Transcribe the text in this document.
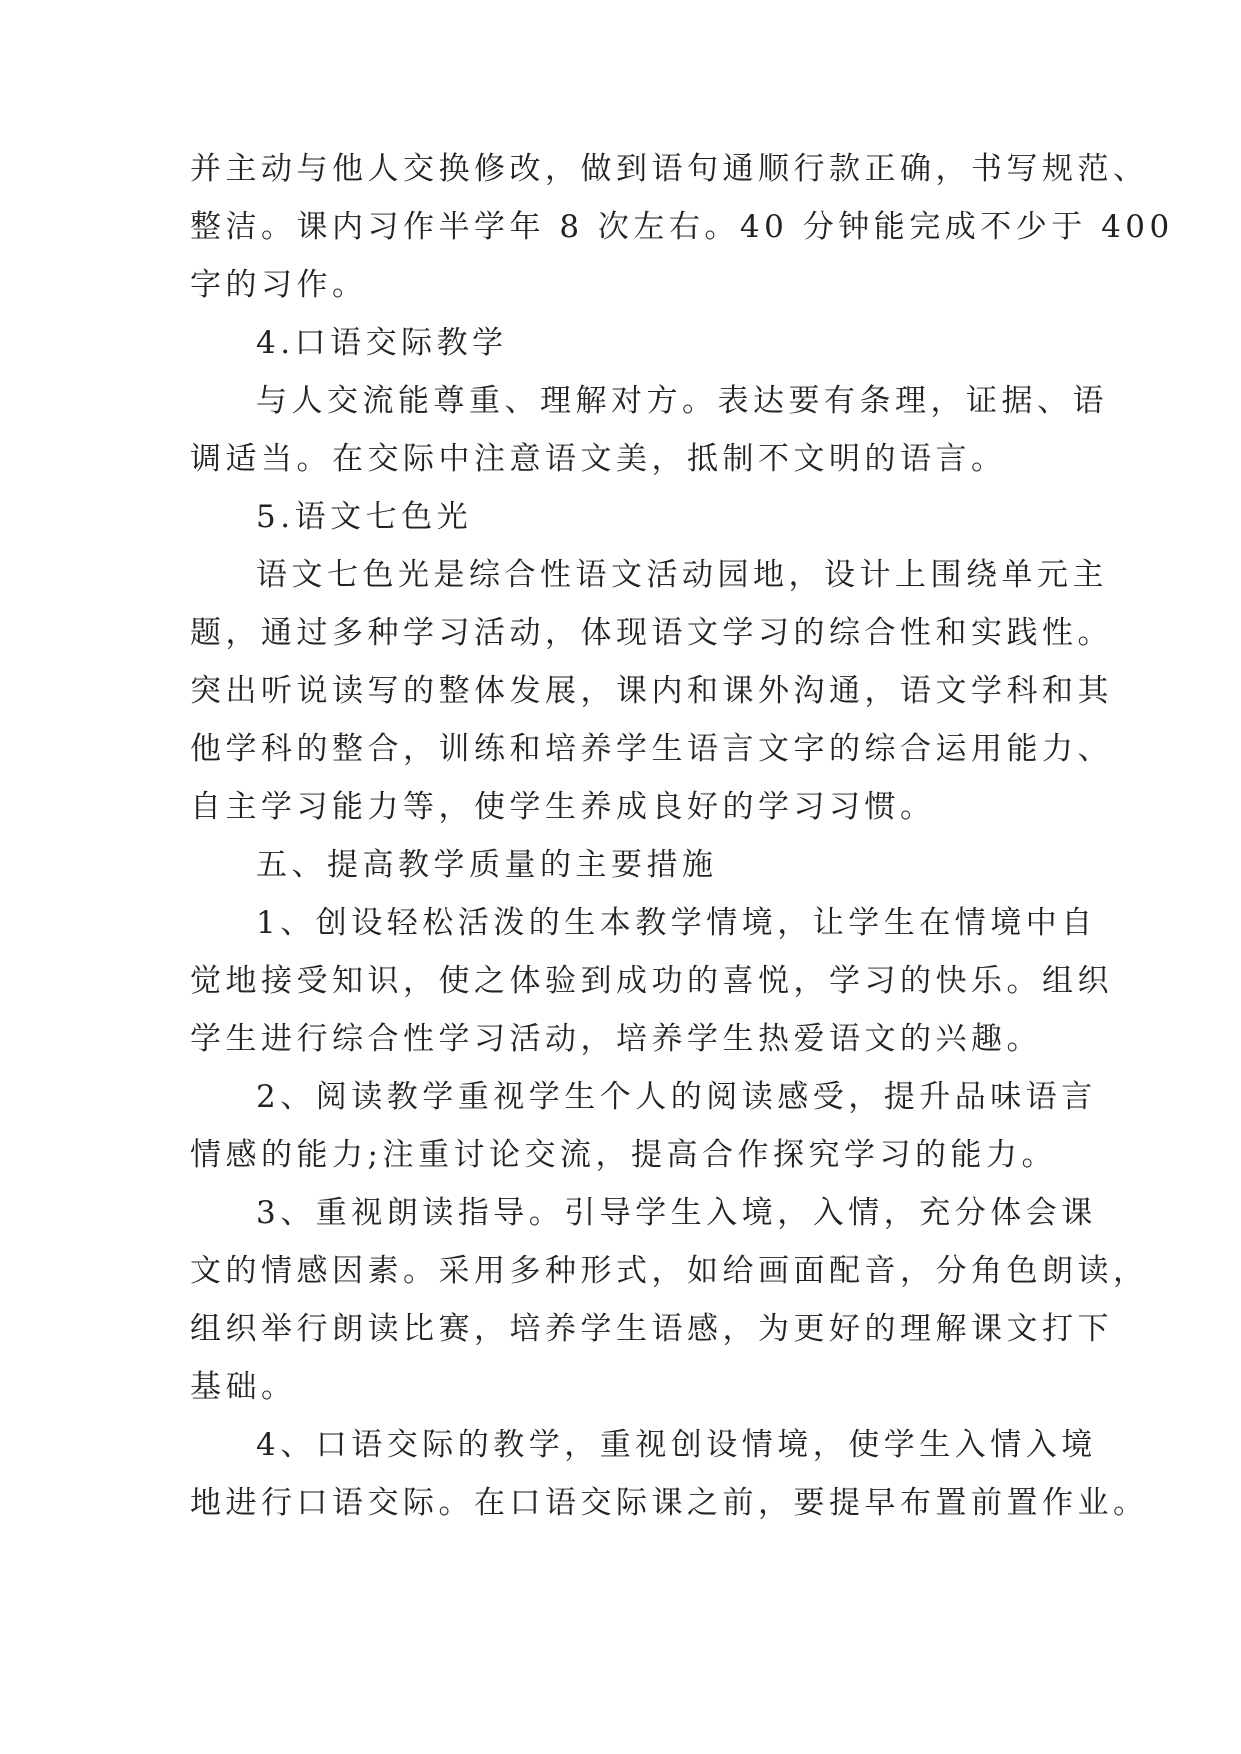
并主动与他人交换修改，做到语句通顺行款正确，书写规范、
整洁。课内习作半学年 8 次左右。40 分钟能完成不少于 400
字的习作。

4.口语交际教学

与人交流能尊重、理解对方。表达要有条理，证据、语
调适当。在交际中注意语文美，抵制不文明的语言。

5.语文七色光

语文七色光是综合性语文活动园地，设计上围绕单元主
题，通过多种学习活动，体现语文学习的综合性和实践性。
突出听说读写的整体发展，课内和课外沟通，语文学科和其
他学科的整合，训练和培养学生语言文字的综合运用能力、
自主学习能力等，使学生养成良好的学习习惯。

五、提高教学质量的主要措施

1、创设轻松活泼的生本教学情境，让学生在情境中自
觉地接受知识，使之体验到成功的喜悦，学习的快乐。组织
学生进行综合性学习活动，培养学生热爱语文的兴趣。

2、阅读教学重视学生个人的阅读感受，提升品味语言
情感的能力;注重讨论交流，提高合作探究学习的能力。

3、重视朗读指导。引导学生入境，入情，充分体会课
文的情感因素。采用多种形式，如给画面配音，分角色朗读，
组织举行朗读比赛，培养学生语感，为更好的理解课文打下
基础。

4、口语交际的教学，重视创设情境，使学生入情入境
地进行口语交际。在口语交际课之前，要提早布置前置作业。
